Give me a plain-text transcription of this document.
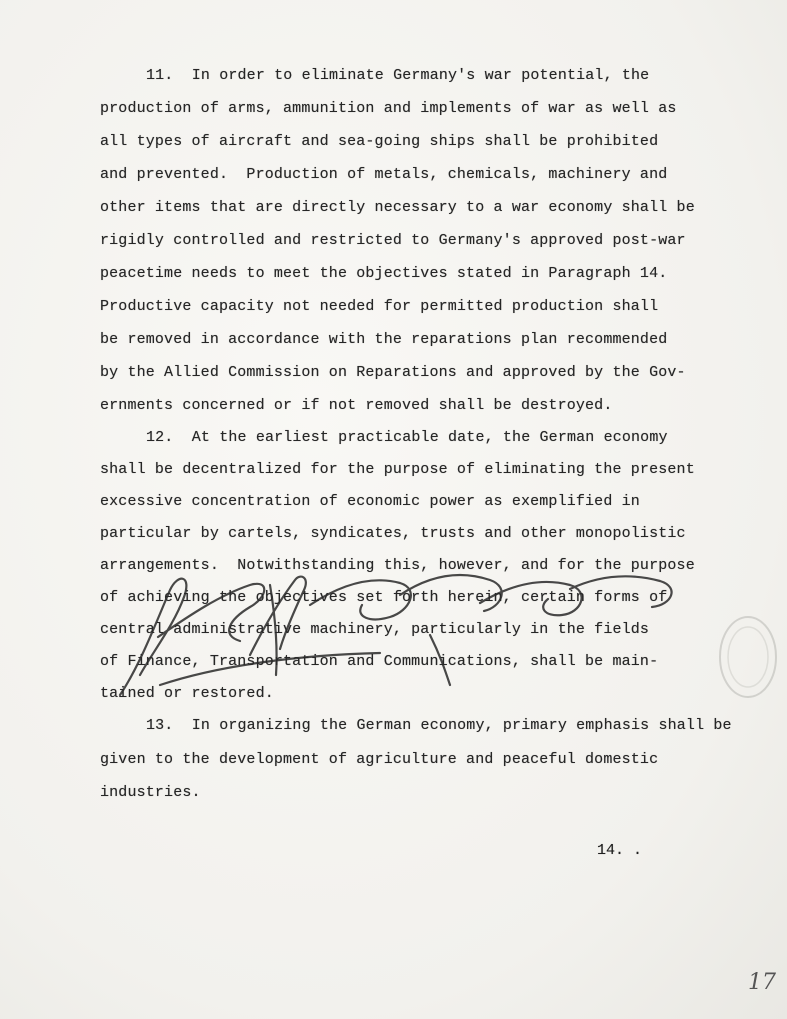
11.  In order to eliminate Germany's war potential, the
production of arms, ammunition and implements of war as well as
all types of aircraft and sea-going ships shall be prohibited
and prevented.  Production of metals, chemicals, machinery and
other items that are directly necessary to a war economy shall be
rigidly controlled and restricted to Germany's approved post-war
peacetime needs to meet the objectives stated in Paragraph 14.
Productive capacity not needed for permitted production shall
be removed in accordance with the reparations plan recommended
by the Allied Commission on Reparations and approved by the Gov-
ernments concerned or if not removed shall be destroyed.
12.  At the earliest practicable date, the German economy
shall be decentralized for the purpose of eliminating the present
excessive concentration of economic power as exemplified in
particular by cartels, syndicates, trusts and other monopolistic
arrangements.  Notwithstanding this, however, and for the purpose
of achieving the objectives set forth herein, certain forms of
central administrative machinery, particularly in the fields
of Finance, Transportation and Communications, shall be main-
tained or restored.
13.  In organizing the German economy, primary emphasis shall be
given to the development of agriculture and peaceful domestic
industries.
14. .
17
